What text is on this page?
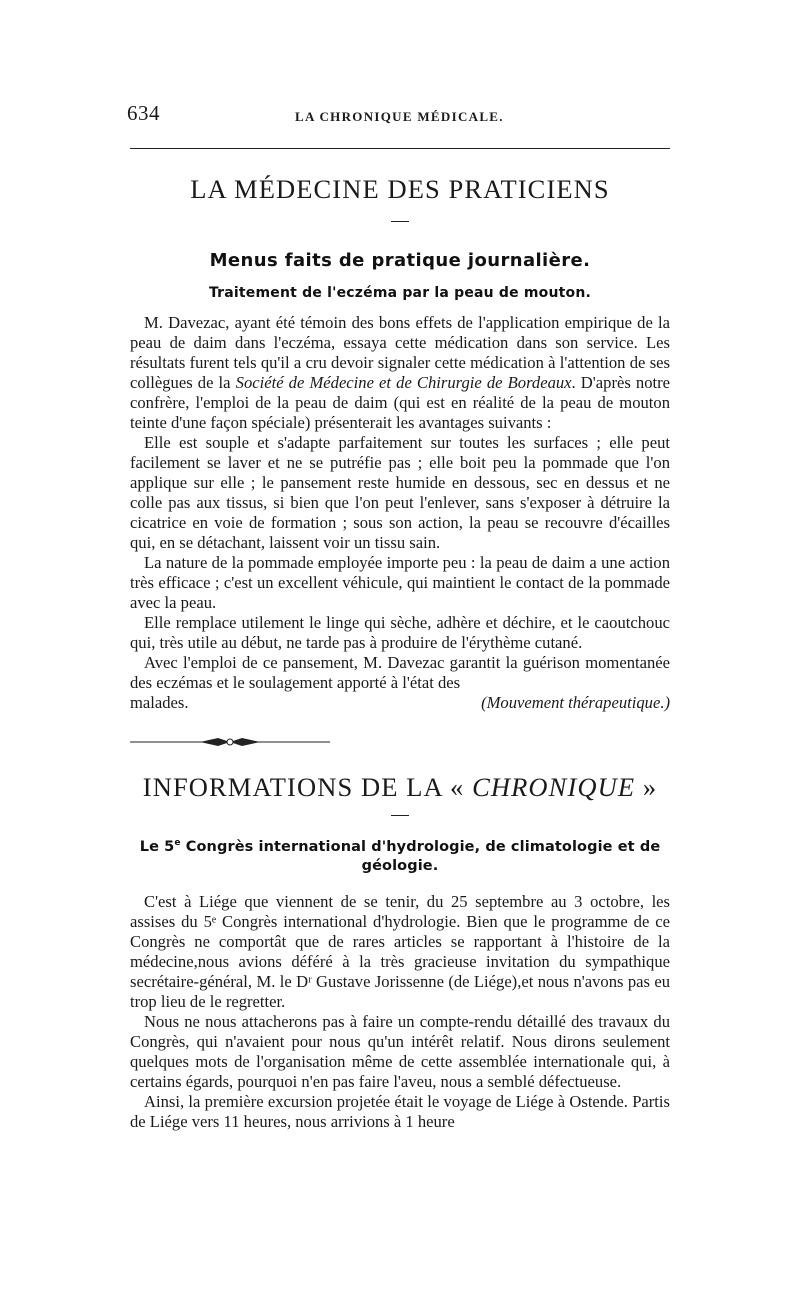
634	LA CHRONIQUE MÉDICALE.
LA MÉDECINE DES PRATICIENS
Menus faits de pratique journalière.
Traitement de l'eczéma par la peau de mouton.

M. Davezac, ayant été témoin des bons effets de l'application empirique de la peau de daim dans l'eczéma, essaya cette médication dans son service. Les résultats furent tels qu'il a cru devoir signaler cette médication à l'attention de ses collègues de la Société de Médecine et de Chirurgie de Bordeaux. D'après notre confrère, l'emploi de la peau de daim (qui est en réalité de la peau de mouton teinte d'une façon spéciale) présenterait les avantages suivants :

Elle est souple et s'adapte parfaitement sur toutes les surfaces ; elle peut facilement se laver et ne se putréfie pas ; elle boit peu la pommade que l'on applique sur elle ; le pansement reste humide en dessous, sec en dessus et ne colle pas aux tissus, si bien que l'on peut l'enlever, sans s'exposer à détruire la cicatrice en voie de formation ; sous son action, la peau se recouvre d'écailles qui, en se détachant, laissent voir un tissu sain.

La nature de la pommade employée importe peu : la peau de daim a une action très efficace ; c'est un excellent véhicule, qui maintient le contact de la pommade avec la peau.

Elle remplace utilement le linge qui sèche, adhère et déchire, et le caoutchouc qui, très utile au début, ne tarde pas à produire de l'érythème cutané.

Avec l'emploi de ce pansement, M. Davezac garantit la guérison momentanée des eczémas et le soulagement apporté à l'état des

malades.	(Mouvement thérapeutique.)
INFORMATIONS DE LA « CHRONIQUE »
Le 5e Congrès international d'hydrologie, de climatologie et de géologie.

C'est à Liége que viennent de se tenir, du 25 septembre au 3 octobre, les assises du 5ᵉ Congrès international d'hydrologie. Bien que le programme de ce Congrès ne comportât que de rares articles se rapportant à l'histoire de la médecine,nous avions déféré à la très gracieuse invitation du sympathique secrétaire-général, M. le Dʳ Gustave Jorissenne (de Liége),et nous n'avons pas eu trop lieu de le regretter.

Nous ne nous attacherons pas à faire un compte-rendu détaillé des travaux du Congrès, qui n'avaient pour nous qu'un intérêt relatif. Nous dirons seulement quelques mots de l'organisation même de cette assemblée internationale qui, à certains égards, pourquoi n'en pas faire l'aveu, nous a semblé défectueuse.

Ainsi, la première excursion projetée était le voyage de Liége à Ostende. Partis de Liége vers 11 heures, nous arrivions à 1 heure
